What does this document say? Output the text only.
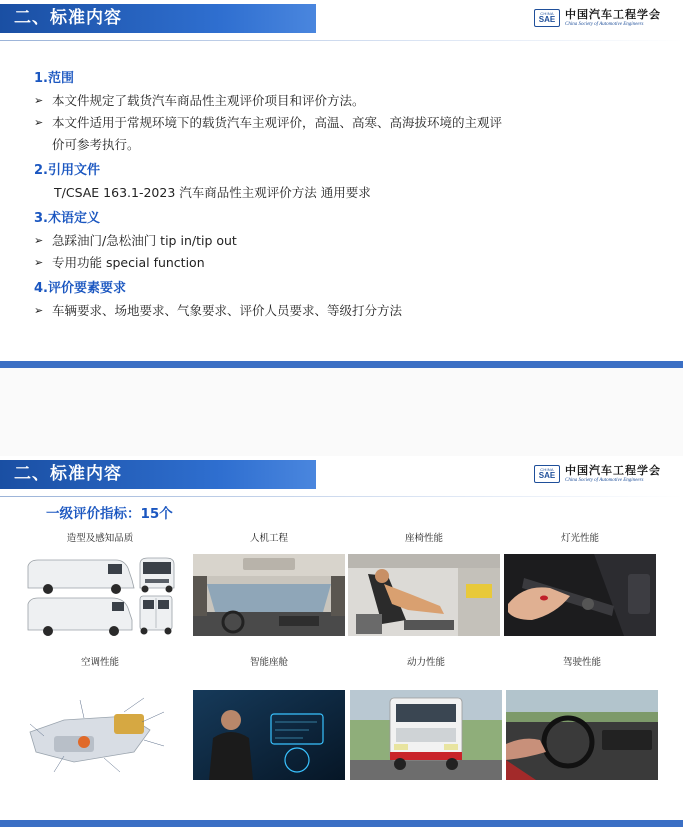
二、标准内容	CHINA
SAE 中国汽车工程学会
China Society of Automotive Engineers
1.范围
➢ 本文件规定了载货汽车商品性主观评价项目和评价方法。
➢ 本文件适用于常规环境下的载货汽车主观评价，高温、高寒、高海拔环境的主观评
价可参考执行。
2.引用文件
T/CSAE 163.1-2023 汽车商品性主观评价方法 通用要求
3.术语定义
➢ 急踩油门/急松油门 tip in/tip out
➢ 专用功能 special function
4.评价要素要求
➢ 车辆要求、场地要求、气象要求、评价人员要求、等级打分方法
二、标准内容	CHINA
SAE 中国汽车工程学会
China Society of Automotive Engineers
一级评价指标：15个
造型及感知品质	人机工程	座椅性能	灯光性能
空调性能	智能座舱	动力性能	驾驶性能
